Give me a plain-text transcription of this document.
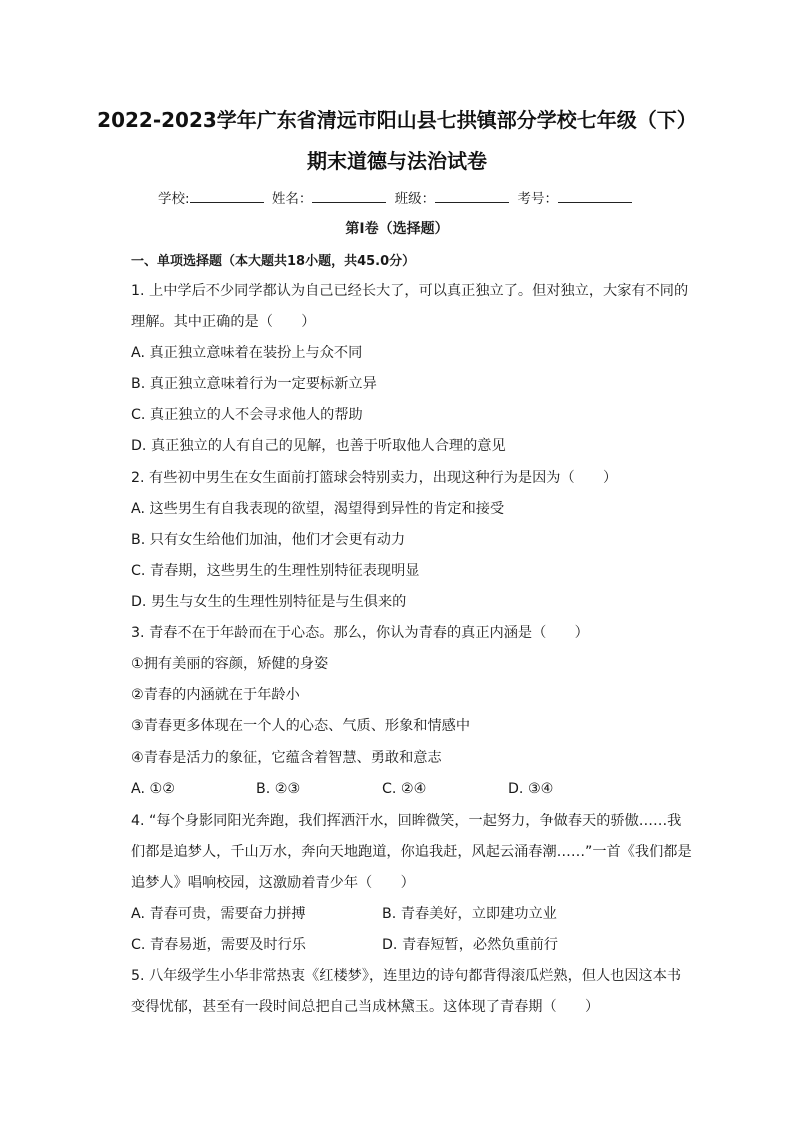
2022-2023学年广东省清远市阳山县七拱镇部分学校七年级（下）
期末道德与法治试卷
学校:	姓名：	班级：	考号：
第Ⅰ卷（选择题）
一、单项选择题（本大题共18小题，共45.0分）
1. 上中学后不少同学都认为自己已经长大了，可以真正独立了。但对独立，大家有不同的
理解。其中正确的是（　　）
A. 真正独立意味着在装扮上与众不同
B. 真正独立意味着行为一定要标新立异
C. 真正独立的人不会寻求他人的帮助
D. 真正独立的人有自己的见解，也善于听取他人合理的意见
2. 有些初中男生在女生面前打篮球会特别卖力，出现这种行为是因为（　　）
A. 这些男生有自我表现的欲望，渴望得到异性的肯定和接受
B. 只有女生给他们加油，他们才会更有动力
C. 青春期，这些男生的生理性别特征表现明显
D. 男生与女生的生理性别特征是与生俱来的
3. 青春不在于年龄而在于心态。那么，你认为青春的真正内涵是（　　）
①拥有美丽的容颜，矫健的身姿
②青春的内涵就在于年龄小
③青春更多体现在一个人的心态、气质、形象和情感中
④青春是活力的象征，它蕴含着智慧、勇敢和意志
A. ①②	B. ②③	C. ②④	D. ③④
4. “每个身影同阳光奔跑，我们挥洒汗水，回眸微笑，一起努力，争做春天的骄傲……我
们都是追梦人，千山万水，奔向天地跑道，你追我赶，风起云涌春潮……”一首《我们都是
追梦人》唱响校园，这激励着青少年（　　）
A. 青春可贵，需要奋力拼搏	B. 青春美好，立即建功立业
C. 青春易逝，需要及时行乐	D. 青春短暂，必然负重前行
5. 八年级学生小华非常热衷《红楼梦》，连里边的诗句都背得滚瓜烂熟，但人也因这本书
变得忧郁，甚至有一段时间总把自己当成林黛玉。这体现了青春期（　　）
